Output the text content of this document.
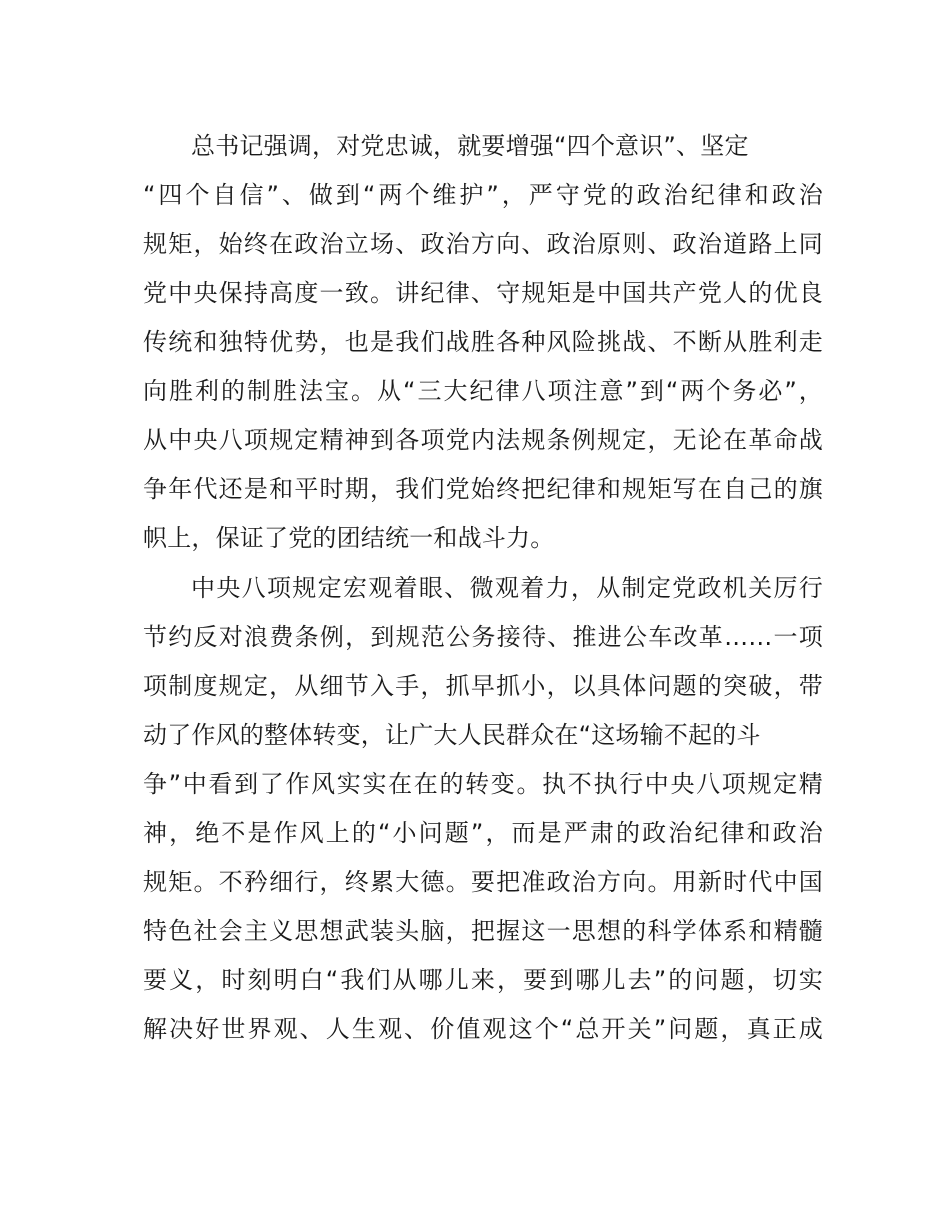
总书记强调，对党忠诚，就要增强“四个意识”、坚定
“四个自信”、做到“两个维护”，严守党的政治纪律和政治
规矩，始终在政治立场、政治方向、政治原则、政治道路上同
党中央保持高度一致。讲纪律、守规矩是中国共产党人的优良
传统和独特优势，也是我们战胜各种风险挑战、不断从胜利走
向胜利的制胜法宝。从“三大纪律八项注意”到“两个务必”，
从中央八项规定精神到各项党内法规条例规定，无论在革命战
争年代还是和平时期，我们党始终把纪律和规矩写在自己的旗
帜上，保证了党的团结统一和战斗力。
中央八项规定宏观着眼、微观着力，从制定党政机关厉行
节约反对浪费条例，到规范公务接待、推进公车改革……一项
项制度规定，从细节入手，抓早抓小，以具体问题的突破，带
动了作风的整体转变，让广大人民群众在“这场输不起的斗
争”中看到了作风实实在在的转变。执不执行中央八项规定精
神，绝不是作风上的“小问题”，而是严肃的政治纪律和政治
规矩。不矜细行，终累大德。要把准政治方向。用新时代中国
特色社会主义思想武装头脑，把握这一思想的科学体系和精髓
要义，时刻明白“我们从哪儿来，要到哪儿去”的问题，切实
解决好世界观、人生观、价值观这个“总开关”问题，真正成
